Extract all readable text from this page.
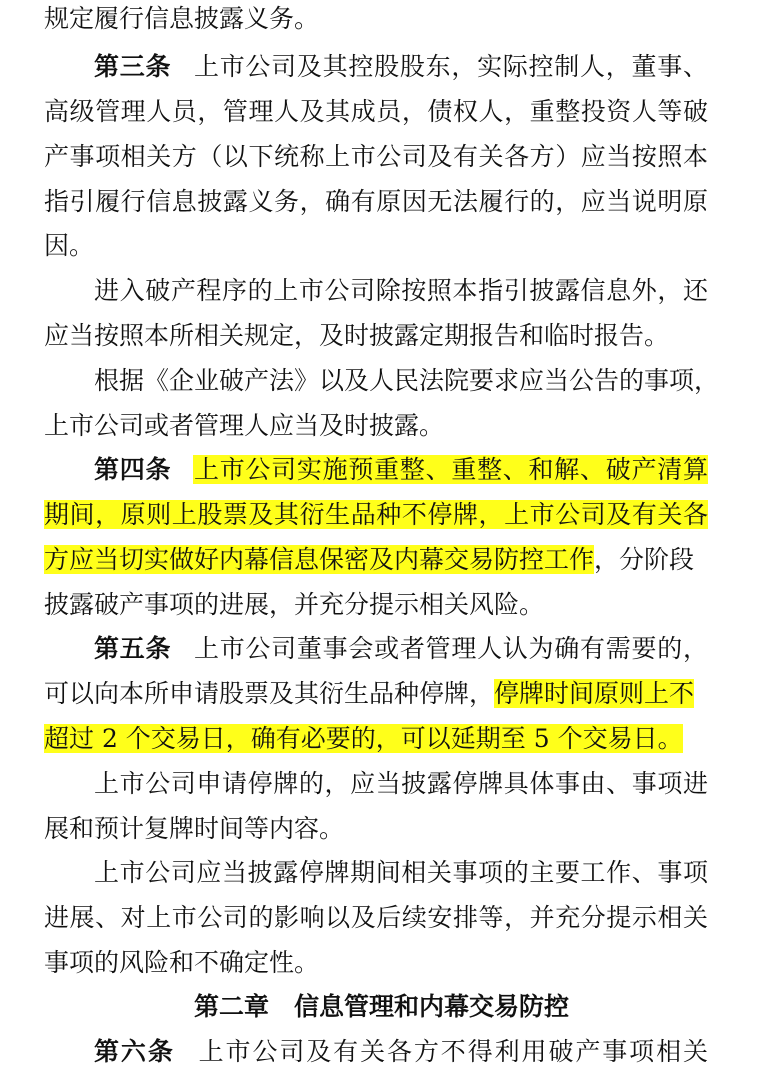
规定履行信息披露义务。
第三条 上市公司及其控股股东，实际控制人，董事、
高级管理人员，管理人及其成员，债权人，重整投资人等破
产事项相关方（以下统称上市公司及有关各方）应当按照本
指引履行信息披露义务，确有原因无法履行的，应当说明原
因。
进入破产程序的上市公司除按照本指引披露信息外，还
应当按照本所相关规定，及时披露定期报告和临时报告。
根据《企业破产法》以及人民法院要求应当公告的事项，
上市公司或者管理人应当及时披露。
第四条 上市公司实施预重整、重整、和解、破产清算
期间，原则上股票及其衍生品种不停牌，上市公司及有关各
方应当切实做好内幕信息保密及内幕交易防控工作，分阶段
披露破产事项的进展，并充分提示相关风险。
第五条 上市公司董事会或者管理人认为确有需要的，
可以向本所申请股票及其衍生品种停牌，停牌时间原则上不
超过 2 个交易日，确有必要的，可以延期至 5 个交易日。
上市公司申请停牌的，应当披露停牌具体事由、事项进
展和预计复牌时间等内容。
上市公司应当披露停牌期间相关事项的主要工作、事项
进展、对上市公司的影响以及后续安排等，并充分提示相关
事项的风险和不确定性。
第二章　信息管理和内幕交易防控
第六条 上市公司及有关各方不得利用破产事项相关
